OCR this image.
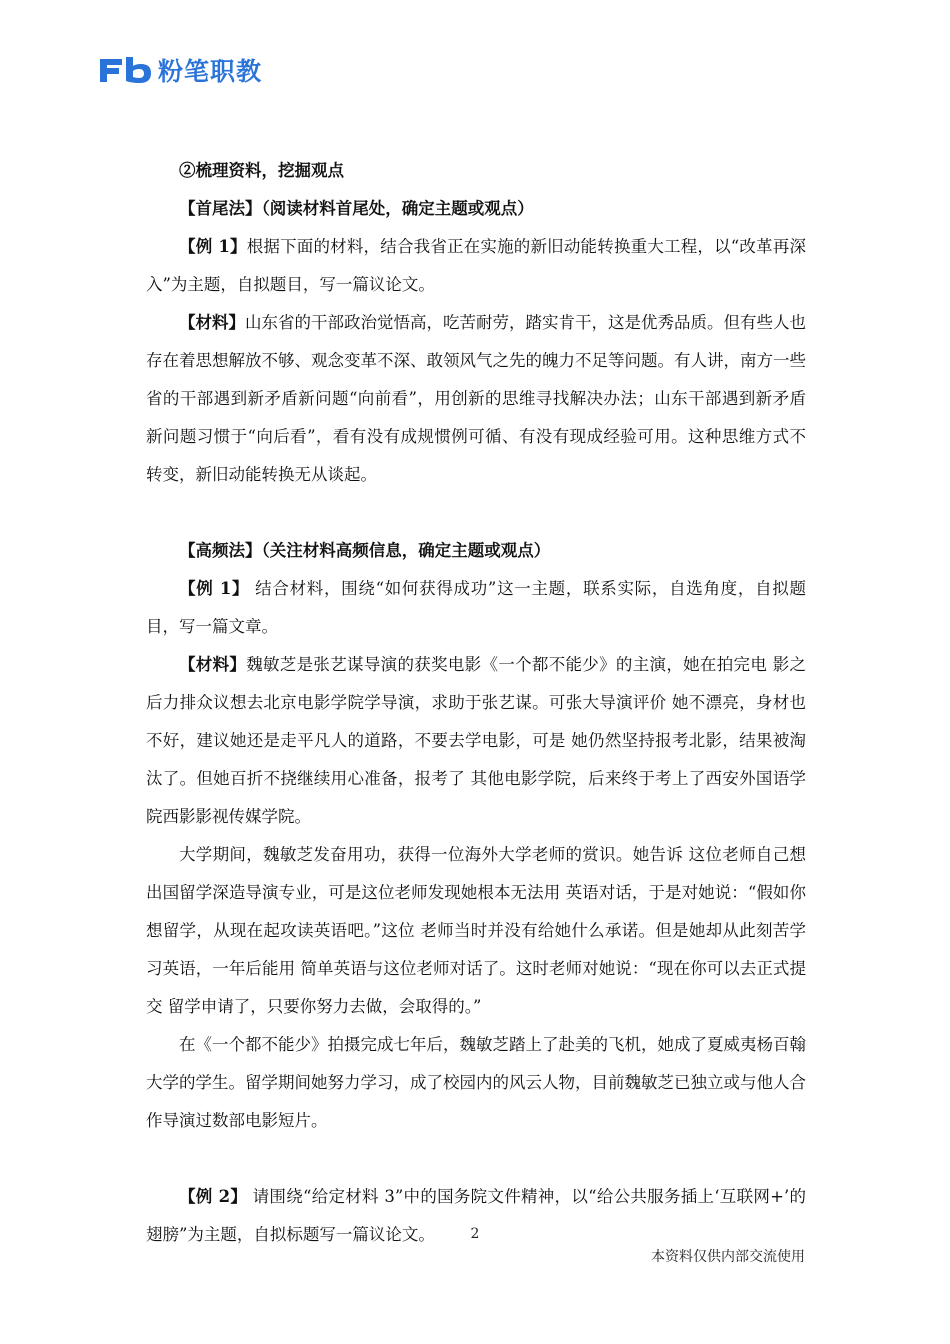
粉笔职教

②梳理资料，挖掘观点

【首尾法】（阅读材料首尾处，确定主题或观点）

【例 1】根据下面的材料，结合我省正在实施的新旧动能转换重大工程，以“改革再深入”为主题，自拟题目，写一篇议论文。

【材料】山东省的干部政治觉悟高，吃苦耐劳，踏实肯干，这是优秀品质。但有些人也存在着思想解放不够、观念变革不深、敢领风气之先的魄力不足等问题。有人讲，南方一些省的干部遇到新矛盾新问题“向前看”，用创新的思维寻找解决办法；山东干部遇到新矛盾新问题习惯于“向后看”，看有没有成规惯例可循、有没有现成经验可用。这种思维方式不转变，新旧动能转换无从谈起。

【高频法】（关注材料高频信息，确定主题或观点）

【例 1】 结合材料，围绕“如何获得成功”这一主题，联系实际，自选角度，自拟题目，写一篇文章。

【材料】魏敏芝是张艺谋导演的获奖电影《一个都不能少》的主演，她在拍完电 影之后力排众议想去北京电影学院学导演，求助于张艺谋。可张大导演评价 她不漂亮，身材也不好，建议她还是走平凡人的道路，不要去学电影，可是 她仍然坚持报考北影，结果被淘汰了。但她百折不挠继续用心准备，报考了 其他电影学院，后来终于考上了西安外国语学院西影影视传媒学院。

大学期间，魏敏芝发奋用功，获得一位海外大学老师的赏识。她告诉 这位老师自己想出国留学深造导演专业，可是这位老师发现她根本无法用 英语对话，于是对她说：“假如你想留学，从现在起攻读英语吧。”这位 老师当时并没有给她什么承诺。但是她却从此刻苦学习英语，一年后能用 简单英语与这位老师对话了。这时老师对她说：“现在你可以去正式提交 留学申请了，只要你努力去做，会取得的。”

在《一个都不能少》拍摄完成七年后，魏敏芝踏上了赴美的飞机，她成了夏威夷杨百翰大学的学生。留学期间她努力学习，成了校园内的风云人物，目前魏敏芝已独立或与他人合作导演过数部电影短片。

【例 2】 请围绕“给定材料 3”中的国务院文件精神，以“给公共服务插上‘互联网+’的翅膀”为主题，自拟标题写一篇议论文。	2
本资料仅供内部交流使用
